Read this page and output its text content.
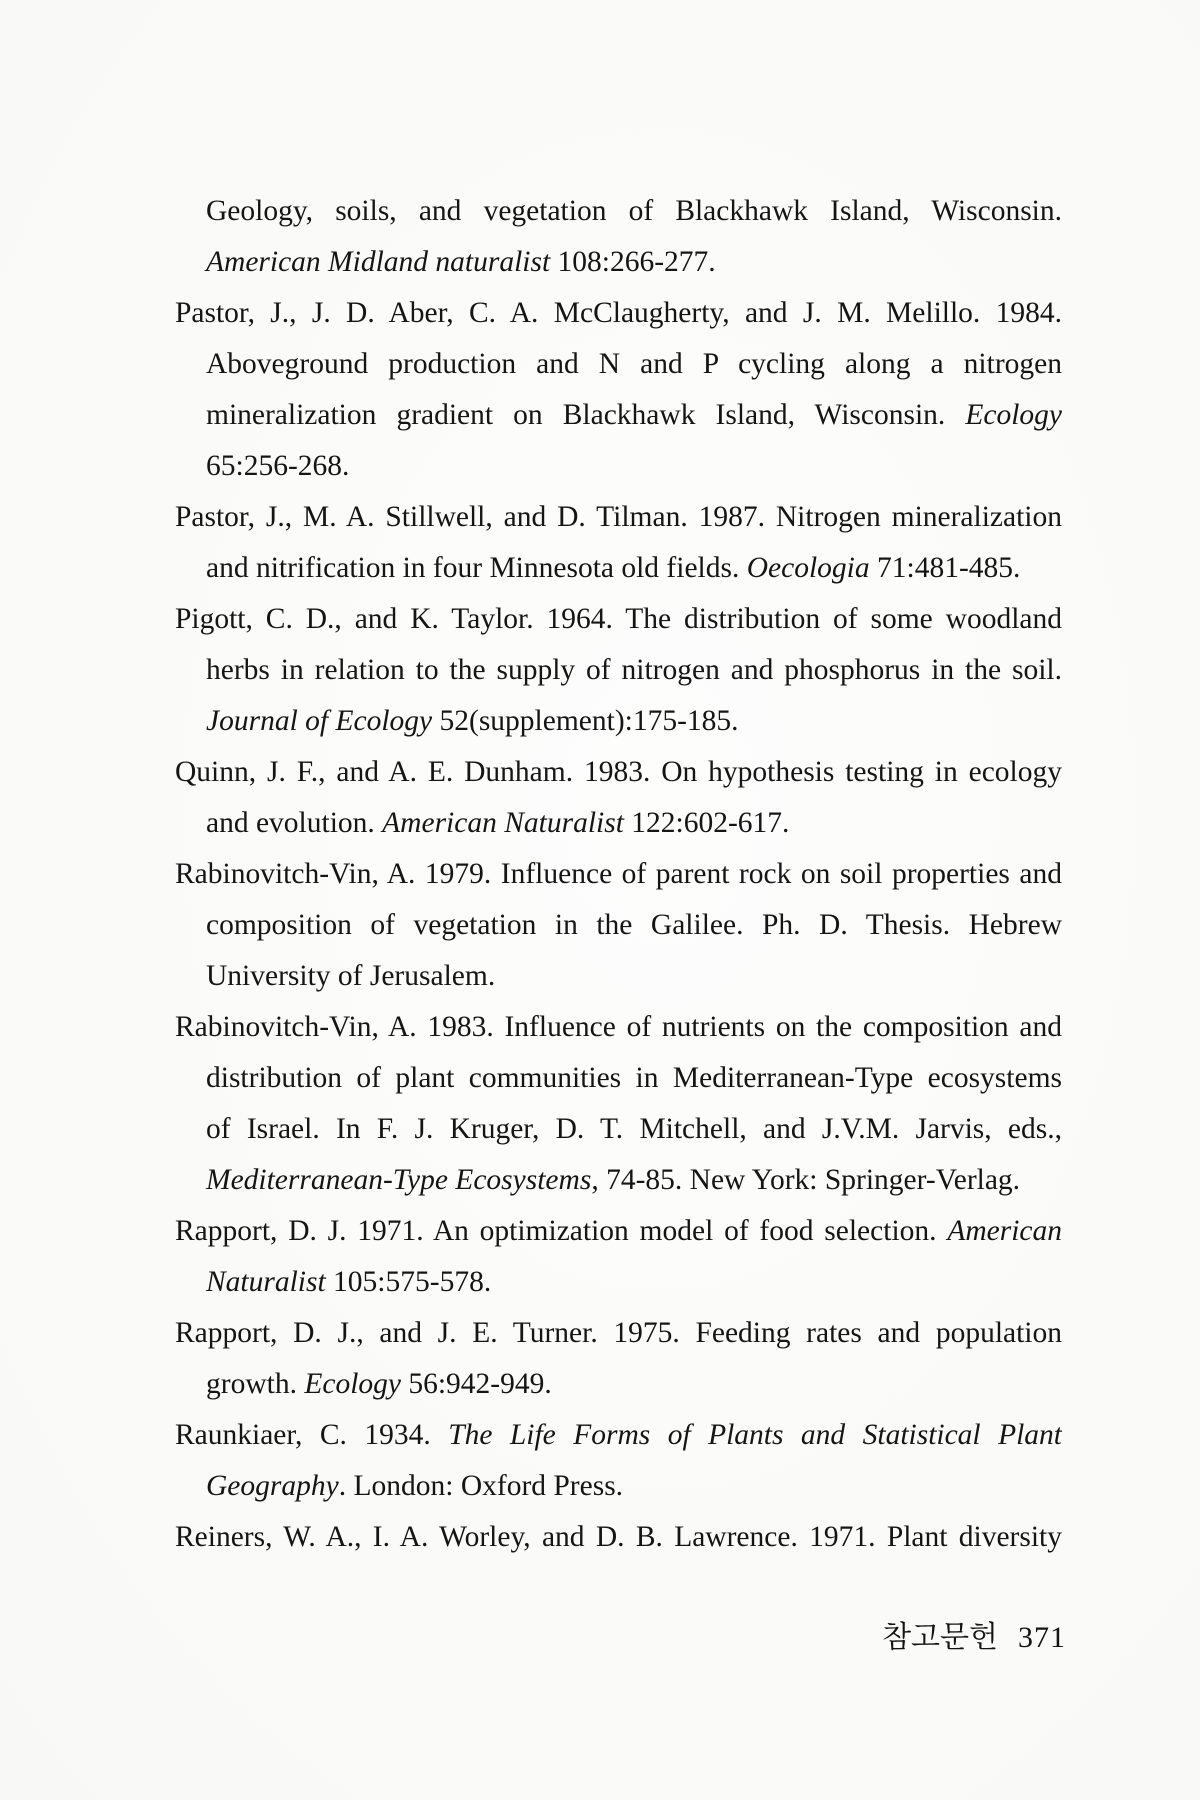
Geology, soils, and vegetation of Blackhawk Island, Wisconsin.
American Midland naturalist 108:266-277.
Pastor, J., J. D. Aber, C. A. McClaugherty, and J. M. Melillo. 1984.
Aboveground production and N and P cycling along a nitrogen
mineralization gradient on Blackhawk Island, Wisconsin. Ecology
65:256-268.
Pastor, J., M. A. Stillwell, and D. Tilman. 1987. Nitrogen mineralization
and nitrification in four Minnesota old fields. Oecologia 71:481-485.
Pigott, C. D., and K. Taylor. 1964. The distribution of some woodland
herbs in relation to the supply of nitrogen and phosphorus in the soil.
Journal of Ecology 52(supplement):175-185.
Quinn, J. F., and A. E. Dunham. 1983. On hypothesis testing in ecology
and evolution. American Naturalist 122:602-617.
Rabinovitch-Vin, A. 1979. Influence of parent rock on soil properties and
composition of vegetation in the Galilee. Ph. D. Thesis. Hebrew
University of Jerusalem.
Rabinovitch-Vin, A. 1983. Influence of nutrients on the composition and
distribution of plant communities in Mediterranean-Type ecosystems
of Israel. In F. J. Kruger, D. T. Mitchell, and J.V.M. Jarvis, eds.,
Mediterranean-Type Ecosystems, 74-85. New York: Springer-Verlag.
Rapport, D. J. 1971. An optimization model of food selection. American
Naturalist 105:575-578.
Rapport, D. J., and J. E. Turner. 1975. Feeding rates and population
growth. Ecology 56:942-949.
Raunkiaer, C. 1934. The Life Forms of Plants and Statistical Plant
Geography. London: Oxford Press.
Reiners, W. A., I. A. Worley, and D. B. Lawrence. 1971. Plant diversity
참고문헌 371
